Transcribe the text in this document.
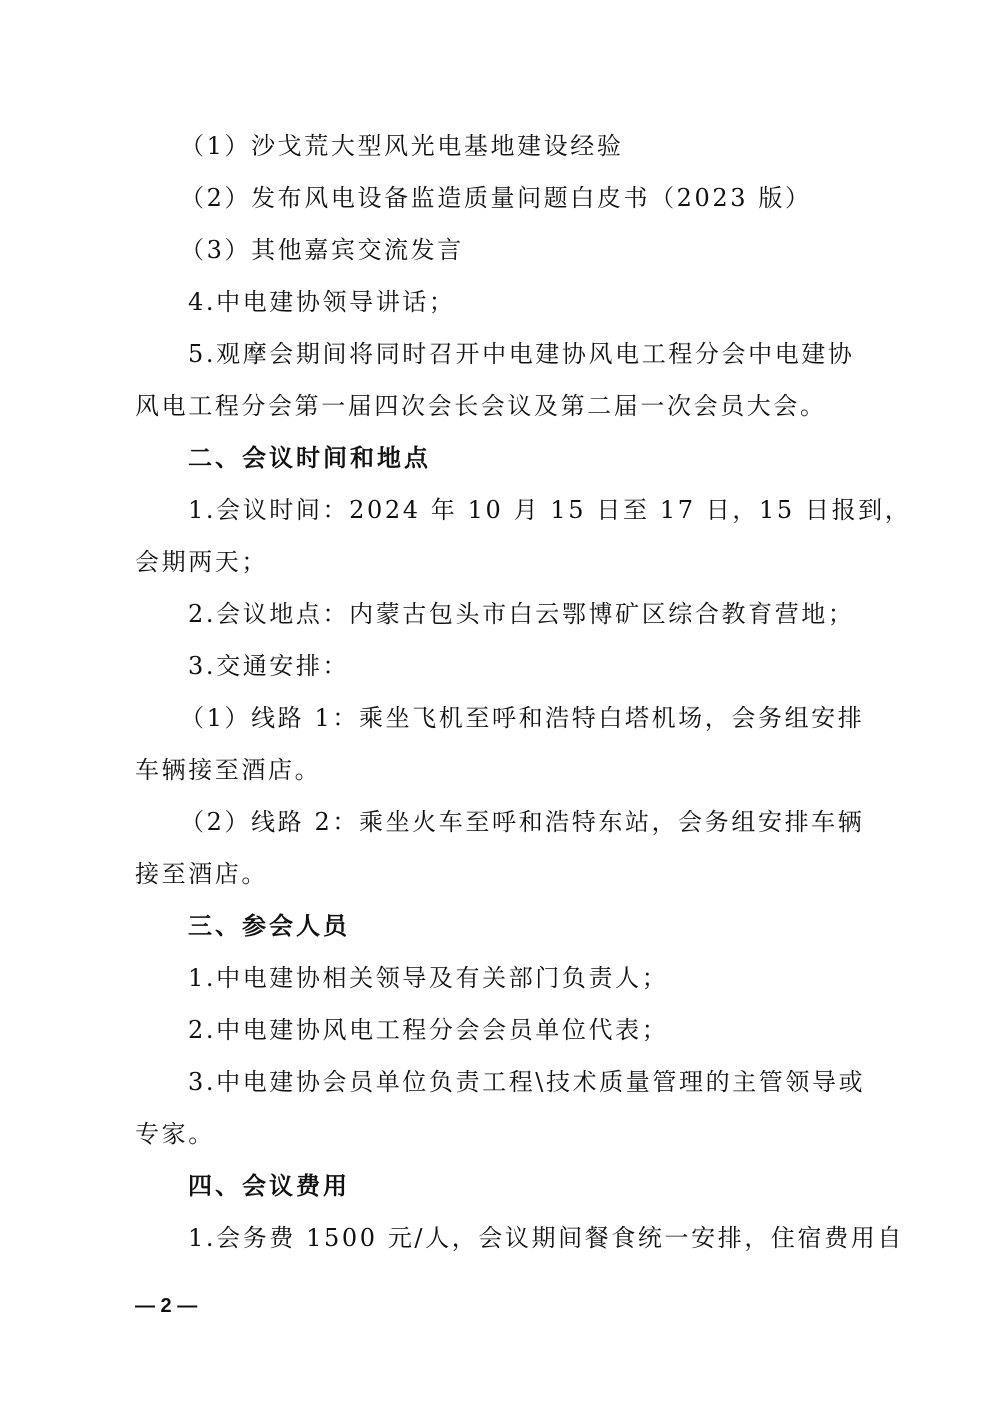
（1）沙戈荒大型风光电基地建设经验
（2）发布风电设备监造质量问题白皮书（2023 版）
（3）其他嘉宾交流发言
4.中电建协领导讲话；
5.观摩会期间将同时召开中电建协风电工程分会中电建协
风电工程分会第一届四次会长会议及第二届一次会员大会。
二、会议时间和地点
1.会议时间：2024 年 10 月 15 日至 17 日，15 日报到，
会期两天；
2.会议地点：内蒙古包头市白云鄂博矿区综合教育营地；
3.交通安排：
（1）线路 1：乘坐飞机至呼和浩特白塔机场，会务组安排
车辆接至酒店。
（2）线路 2：乘坐火车至呼和浩特东站，会务组安排车辆
接至酒店。
三、参会人员
1.中电建协相关领导及有关部门负责人；
2.中电建协风电工程分会会员单位代表；
3.中电建协会员单位负责工程\技术质量管理的主管领导或
专家。
四、会议费用
1.会务费 1500 元/人，会议期间餐食统一安排，住宿费用自
— 2 —
